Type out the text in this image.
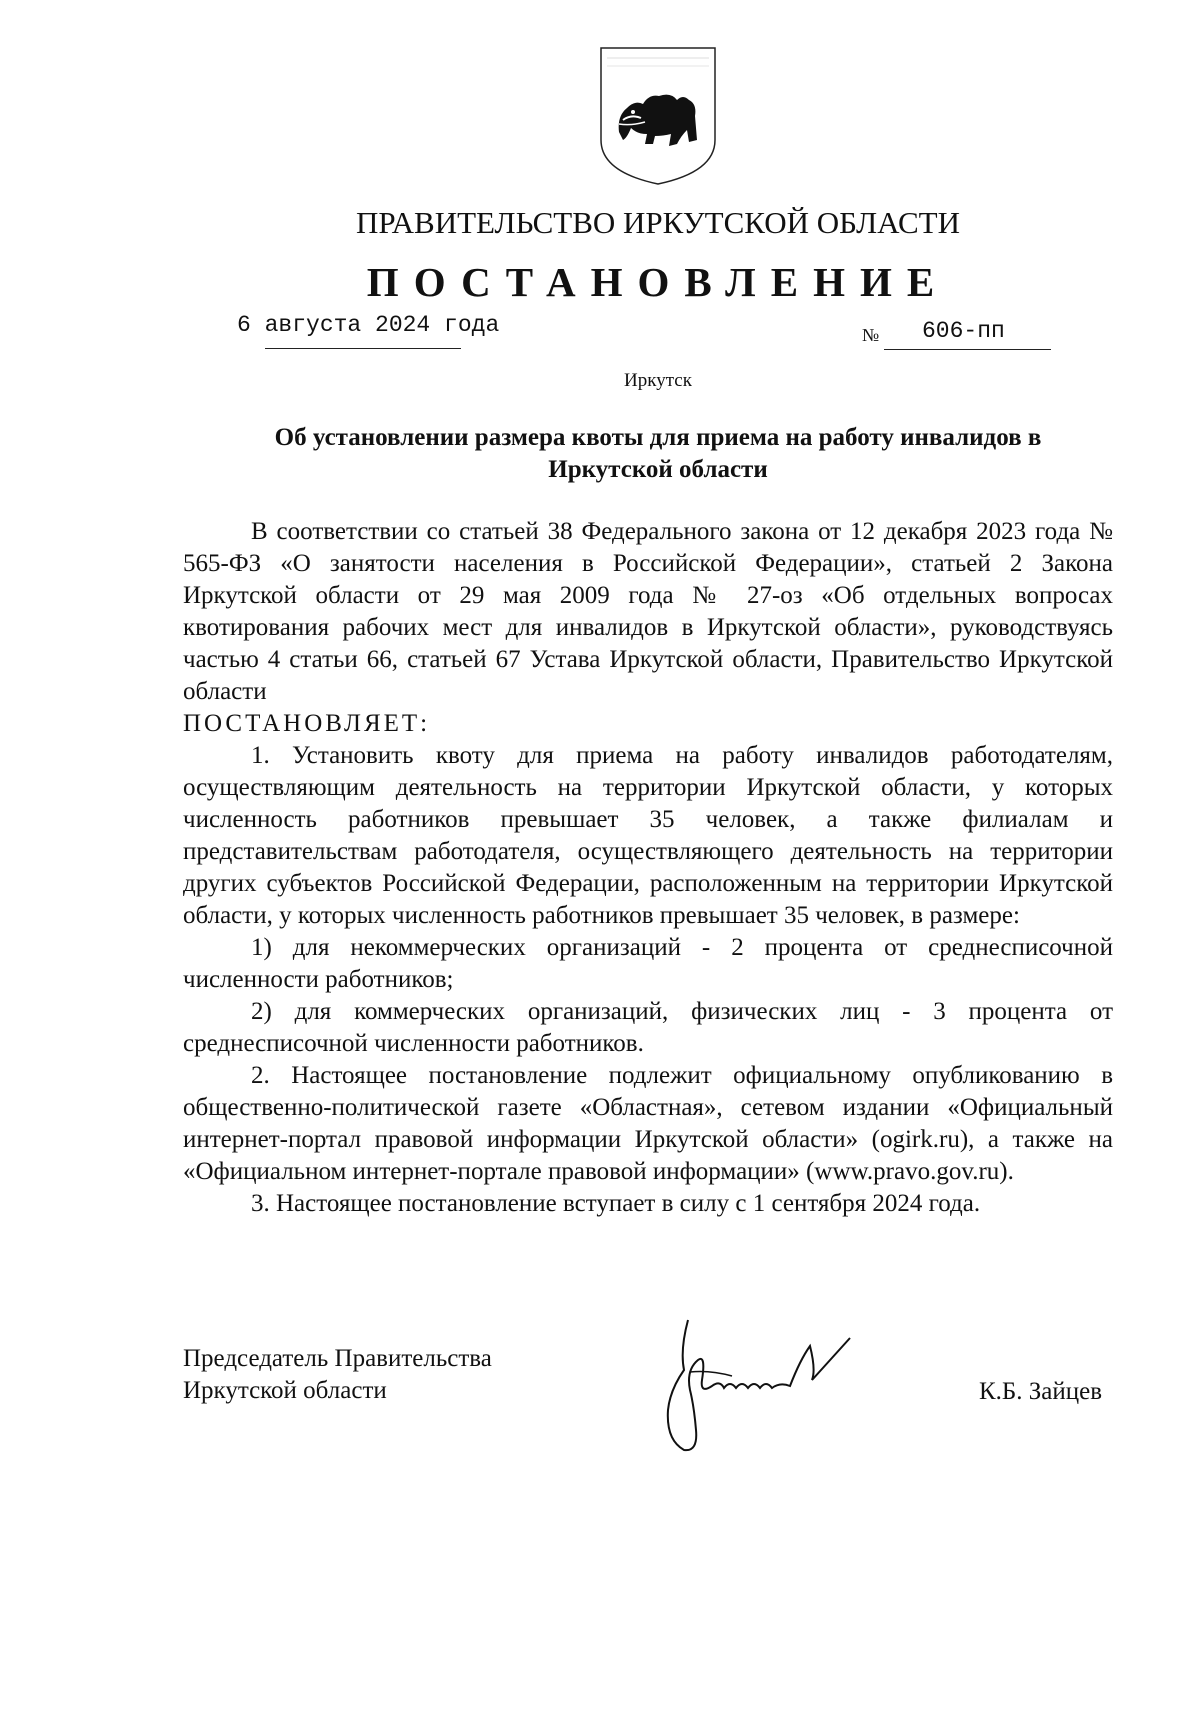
ПРАВИТЕЛЬСТВО ИРКУТСКОЙ ОБЛАСТИ
ПОСТАНОВЛЕНИЕ
6 августа 2024 года	№ 606-пп
Иркутск
Об установлении размера квоты для приема на работу инвалидов в
Иркутской области

В соответствии со статьей 38 Федерального закона от 12 декабря 2023 года № 565-ФЗ «О занятости населения в Российской Федерации», статьей 2 Закона Иркутской области от 29 мая 2009 года № 27-оз «Об отдельных вопросах квотирования рабочих мест для инвалидов в Иркутской области», руководствуясь частью 4 статьи 66, статьей 67 Устава Иркутской области, Правительство Иркутской области

ПОСТАНОВЛЯЕТ:

1. Установить квоту для приема на работу инвалидов работодателям, осуществляющим деятельность на территории Иркутской области, у которых численность работников превышает 35 человек, а также филиалам и представительствам работодателя, осуществляющего деятельность на территории других субъектов Российской Федерации, расположенным на территории Иркутской области, у которых численность работников превышает 35 человек, в размере:

1) для некоммерческих организаций - 2 процента от среднесписочной численности работников;

2) для коммерческих организаций, физических лиц - 3 процента от среднесписочной численности работников.

2. Настоящее постановление подлежит официальному опубликованию в общественно-политической газете «Областная», сетевом издании «Официальный интернет-портал правовой информации Иркутской области» (ogirk.ru), а также на «Официальном интернет-портале правовой информации» (www.pravo.gov.ru).

3. Настоящее постановление вступает в силу с 1 сентября 2024 года.

Председатель Правительства
Иркутской области	К.Б. Зайцев
